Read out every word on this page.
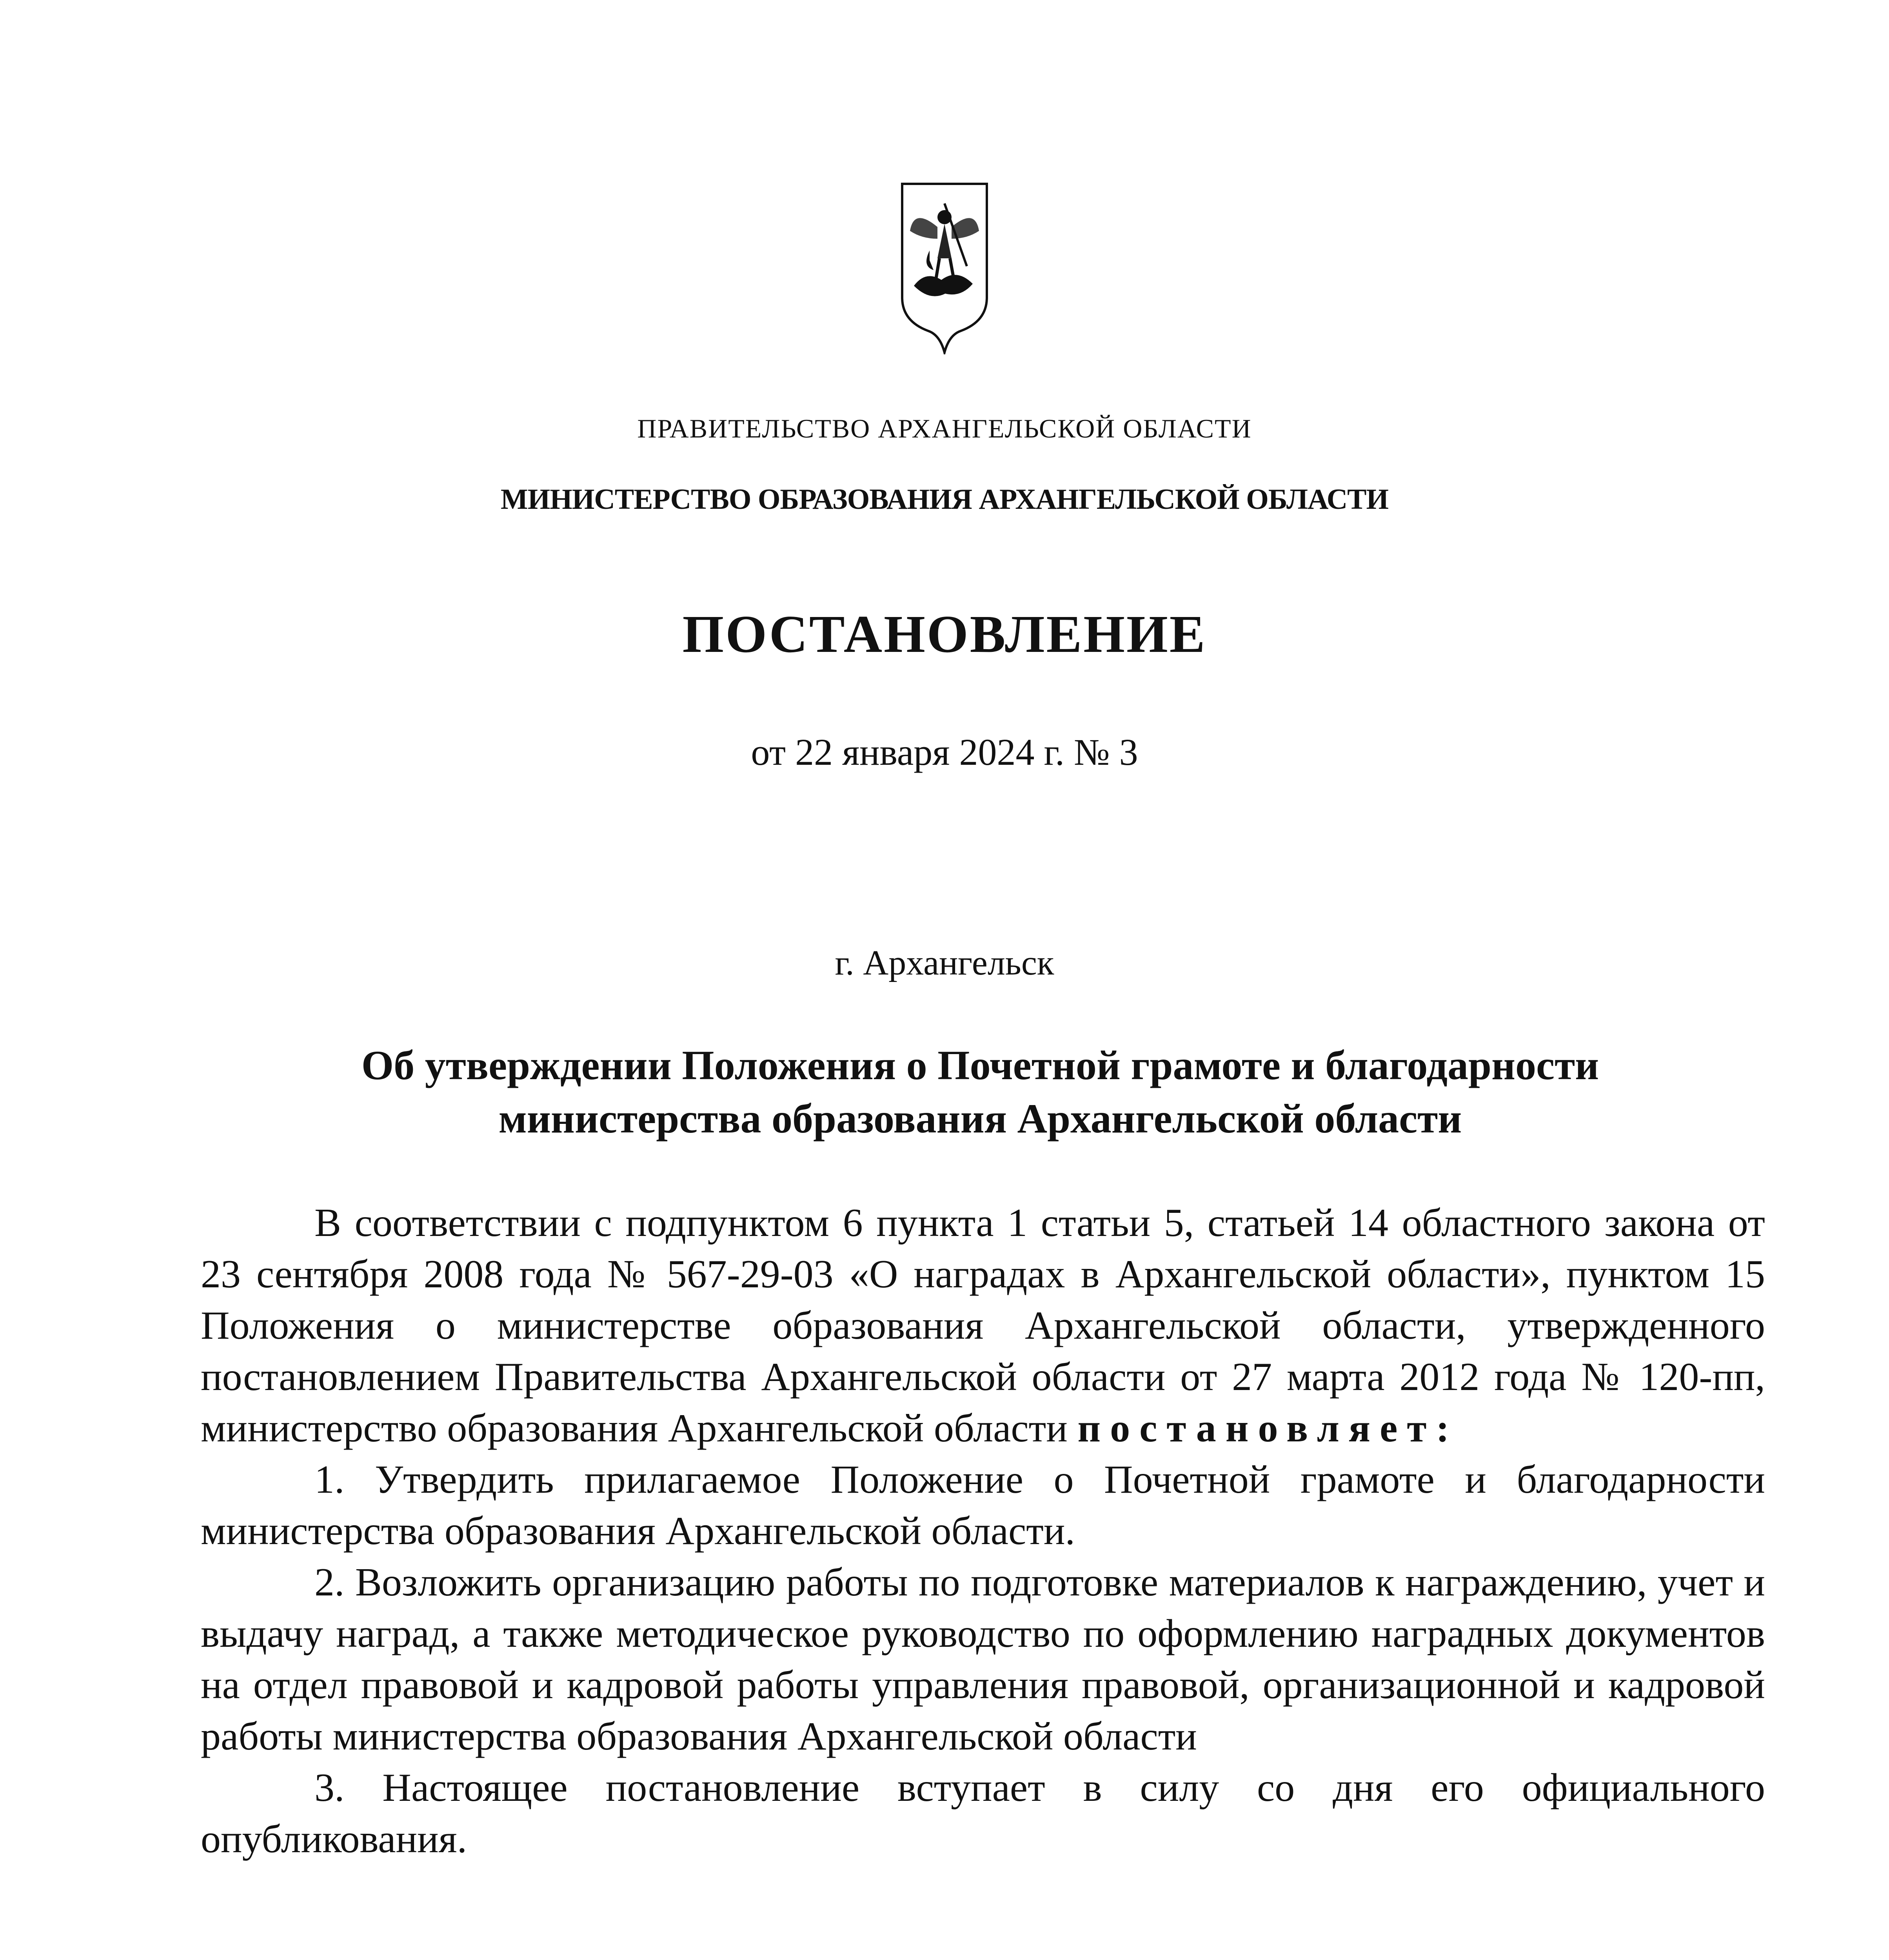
ПРАВИТЕЛЬСТВО АРХАНГЕЛЬСКОЙ ОБЛАСТИ
МИНИСТЕРСТВО ОБРАЗОВАНИЯ АРХАНГЕЛЬСКОЙ ОБЛАСТИ
ПОСТАНОВЛЕНИЕ
от 22 января 2024 г. № 3
г. Архангельск
Об утверждении Положения о Почетной грамоте и благодарности
министерства образования Архангельской области

В соответствии с подпунктом 6 пункта 1 статьи 5, статьей 14 областного закона от 23 сентября 2008 года № 567-29-03 «О наградах в Архангельской области», пунктом 15 Положения о министерстве образования Архангельской области, утвержденного постановлением Правительства Архангельской области от 27 марта 2012 года № 120-пп, министерство образования Архангельской области постановляет:

1. Утвердить прилагаемое Положение о Почетной грамоте и благодарности министерства образования Архангельской области.

2. Возложить организацию работы по подготовке материалов к награждению, учет и выдачу наград, а также методическое руководство по оформлению наградных документов на отдел правовой и кадровой работы управления правовой, организационной и кадровой работы министерства образования Архангельской области

3. Настоящее постановление вступает в силу со дня его официального опубликования.
